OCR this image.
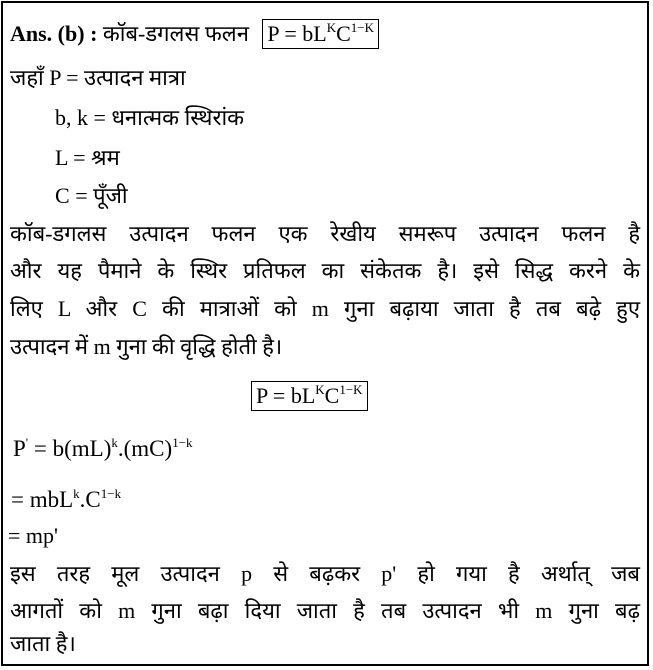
Ans. (b) : कॉब-डगलस फलन $P = bL^KC^{1-K}$
जहाँ P = उत्पादन मात्रा
b, k = धनात्मक स्थिरांक
L = श्रम
C = पूँजी
कॉब-डगलस उत्पादन फलन एक रेखीय समरूप उत्पादन फलन है
और यह पैमाने के स्थिर प्रतिफल का संकेतक है। इसे सिद्ध करने के
लिए L और C की मात्राओं को m गुना बढ़ाया जाता है तब बढ़े हुए
उत्पादन में m गुना की वृद्धि होती है।
$P = bL^KC^{1-K}$
P' = b(mL)$^k$.(mC)$^{1-k}$
= $mbL^k.C^{1-k}$
= mp'
इस तरह मूल उत्पादन p से बढ़कर p' हो गया है अर्थात् जब
आगतों को m गुना बढ़ा दिया जाता है तब उत्पादन भी m गुना बढ़
जाता है।
